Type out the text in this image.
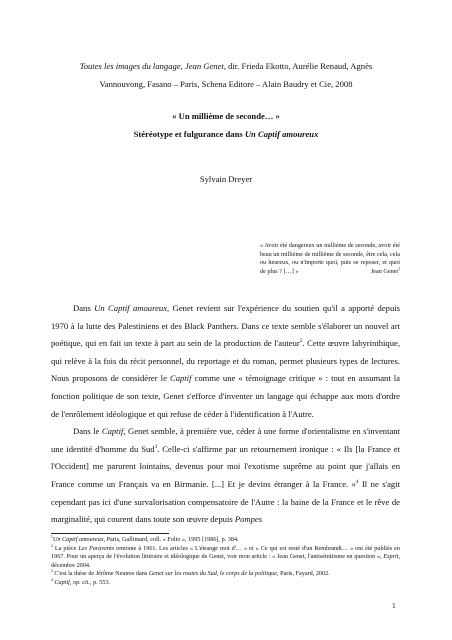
Toutes les images du langage, Jean Genet, dir. Frieda Ekotto, Aurélie Renaud, Agnès
Vannouvong, Fasano – Paris, Schena Editore – Alain Baudry et Cie, 2008

« Un millième de seconde… »
Stéréotype et fulgurance dans Un Captif amoureux

Sylvain Dreyer

« Avoir été dangereux un millième de seconde, avoir été beau un millième de millième de seconde, être cela, cela ou heureux, ou n'importe quoi, puis se reposer, et quoi de plus ? […] »	Jean Genet$^1$

Dans Un Captif amoureux, Genet revient sur l'expérience du soutien qu'il a apporté depuis 1970 à la lutte des Palestiniens et des Black Panthers. Dans ce texte semble s'élaborer un nouvel art poétique, qui en fait un texte à part au sein de la production de l'auteur$^2$. Cette œuvre labyrinthique, qui relève à la fois du récit personnel, du reportage et du roman, permet plusieurs types de lectures. Nous proposons de considérer le Captif comme une « témoignage critique » : tout en assumant la fonction politique de son texte, Genet s'efforce d'inventer un langage qui échappe aux mots d'ordre de l'enrôlement idéologique et qui refuse de céder à l'identification à l'Autre.

Dans le Captif, Genet semble, à première vue, céder à une forme d'orientalisme en s'inventant une identité d'homme du Sud$^3$. Celle-ci s'affirme par un retournement ironique : « Ils [la France et l'Occident] me parurent lointains, devenus pour moi l'exotisme suprême au point que j'allais en France comme un Français va en Birmanie. [...] Et je devins étranger à la France. »$^4$ Il ne s'agit cependant pas ici d'une survalorisation compensatoire de l'Autre : la haine de la France et le rêve de marginalité, qui courent dans toute son œuvre depuis Pompes

$^1$Un Captif amoureux, Paris, Gallimard, coll. « Folio », 1995 [1986], p. 384.

$^2$ La pièce Les Paravents remonte à 1961. Les articles « L'étrange mot d'… » et « Ce qui est resté d'un Rembrandt… » ont été publiés en 1967. Pour un aperçu de l'évolution littéraire et idéologique de Genet, voir mon article : « Jean Genet, l'antisémitisme en question », Esprit, décembre 2004.

$^3$ C'est la thèse de Jérôme Neutres dans Genet sur les routes du Sud, le corps de la politique, Paris, Fayard, 2002.

$^4$ Captif, op. cit., p. 553.

1
